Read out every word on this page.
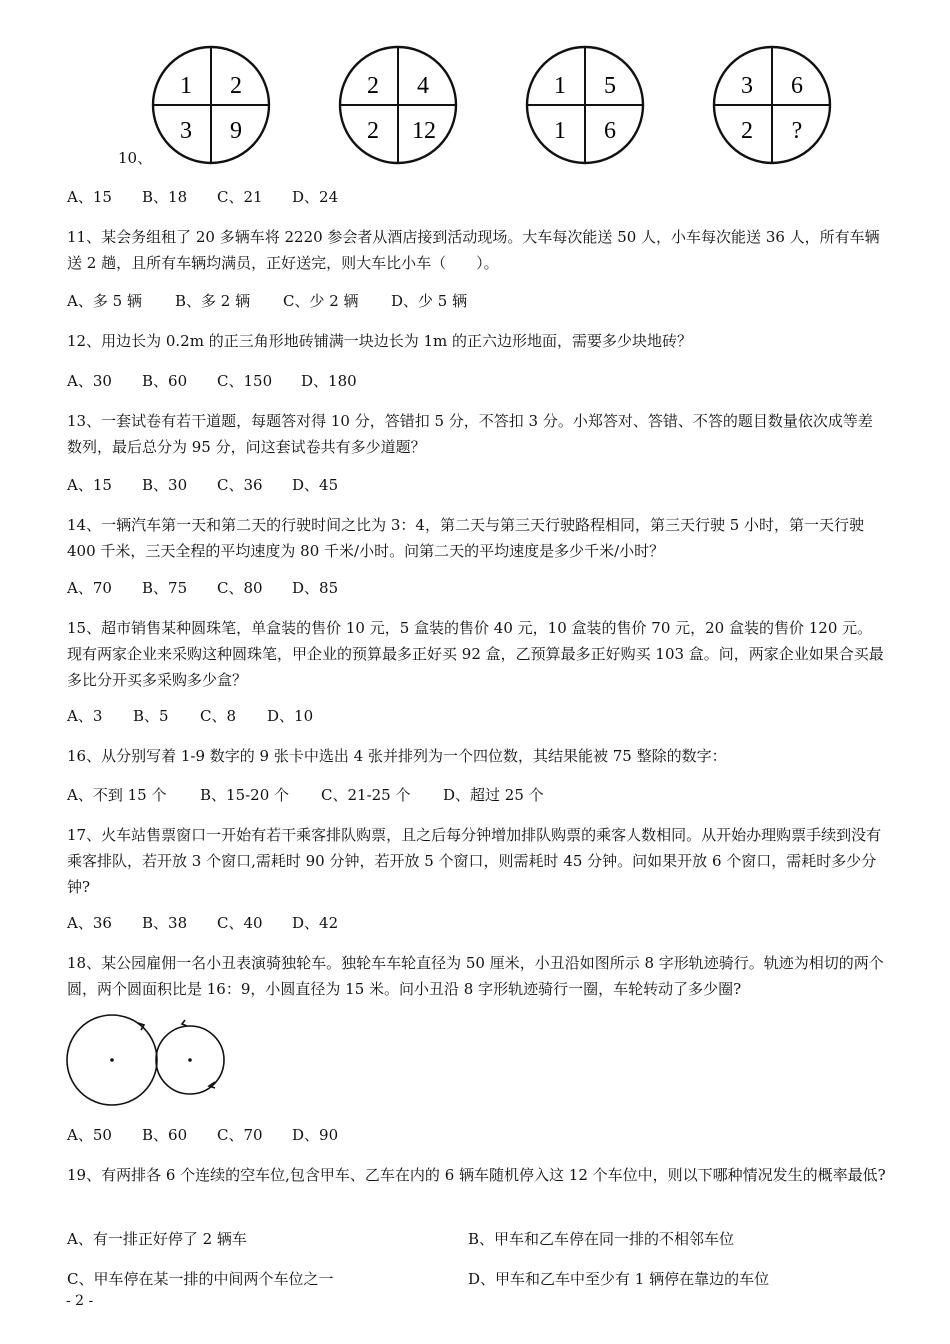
1 2
3 9
2 4
2 12
1 5
1 6
3 6
2 ?
10、
A、15	B、18	C、21	D、24

11、某会务组租了 20 多辆车将 2220 参会者从酒店接到活动现场。大车每次能送 50 人，小车每次能送 36 人，所有车辆送 2 趟，且所有车辆均满员，正好送完，则大车比小车（　　）。

A、多 5 辆	B、多 2 辆	C、少 2 辆	D、少 5 辆

12、用边长为 0.2m 的正三角形地砖铺满一块边长为 1m 的正六边形地面，需要多少块地砖？

A、30	B、60	C、150	D、180

13、一套试卷有若干道题，每题答对得 10 分，答错扣 5 分，不答扣 3 分。小郑答对、答错、不答的题目数量依次成等差数列，最后总分为 95 分，问这套试卷共有多少道题？

A、15	B、30	C、36	D、45

14、一辆汽车第一天和第二天的行驶时间之比为 3：4，第二天与第三天行驶路程相同，第三天行驶 5 小时，第一天行驶 400 千米，三天全程的平均速度为 80 千米/小时。问第二天的平均速度是多少千米/小时？

A、70	B、75	C、80	D、85

15、超市销售某种圆珠笔，单盒装的售价 10 元，5 盒装的售价 40 元，10 盒装的售价 70 元，20 盒装的售价 120 元。现有两家企业来采购这种圆珠笔，甲企业的预算最多正好买 92 盒，乙预算最多正好购买 103 盒。问，两家企业如果合买最多比分开买多采购多少盒？

A、3	B、5	C、8	D、10

16、从分别写着 1-9 数字的 9 张卡中选出 4 张并排列为一个四位数，其结果能被 75 整除的数字：

A、不到 15 个	B、15-20 个	C、21-25 个	D、超过 25 个

17、火车站售票窗口一开始有若干乘客排队购票，且之后每分钟增加排队购票的乘客人数相同。从开始办理购票手续到没有乘客排队，若开放 3 个窗口,需耗时 90 分钟，若开放 5 个窗口，则需耗时 45 分钟。问如果开放 6 个窗口，需耗时多少分钟?

A、36	B、38	C、40	D、42

18、某公园雇佣一名小丑表演骑独轮车。独轮车车轮直径为 50 厘米，小丑沿如图所示 8 字形轨迹骑行。轨迹为相切的两个圆，两个圆面积比是 16：9，小圆直径为 15 米。问小丑沿 8 字形轨迹骑行一圈，车轮转动了多少圈?

A、50	B、60	C、70	D、90

19、有两排各 6 个连续的空车位,包含甲车、乙车在内的 6 辆车随机停入这 12 个车位中，则以下哪种情况发生的概率最低?

A、有一排正好停了 2 辆车	B、甲车和乙车停在同一排的不相邻车位
C、甲车停在某一排的中间两个车位之一	D、甲车和乙车中至少有 1 辆停在靠边的车位
- 2 -
